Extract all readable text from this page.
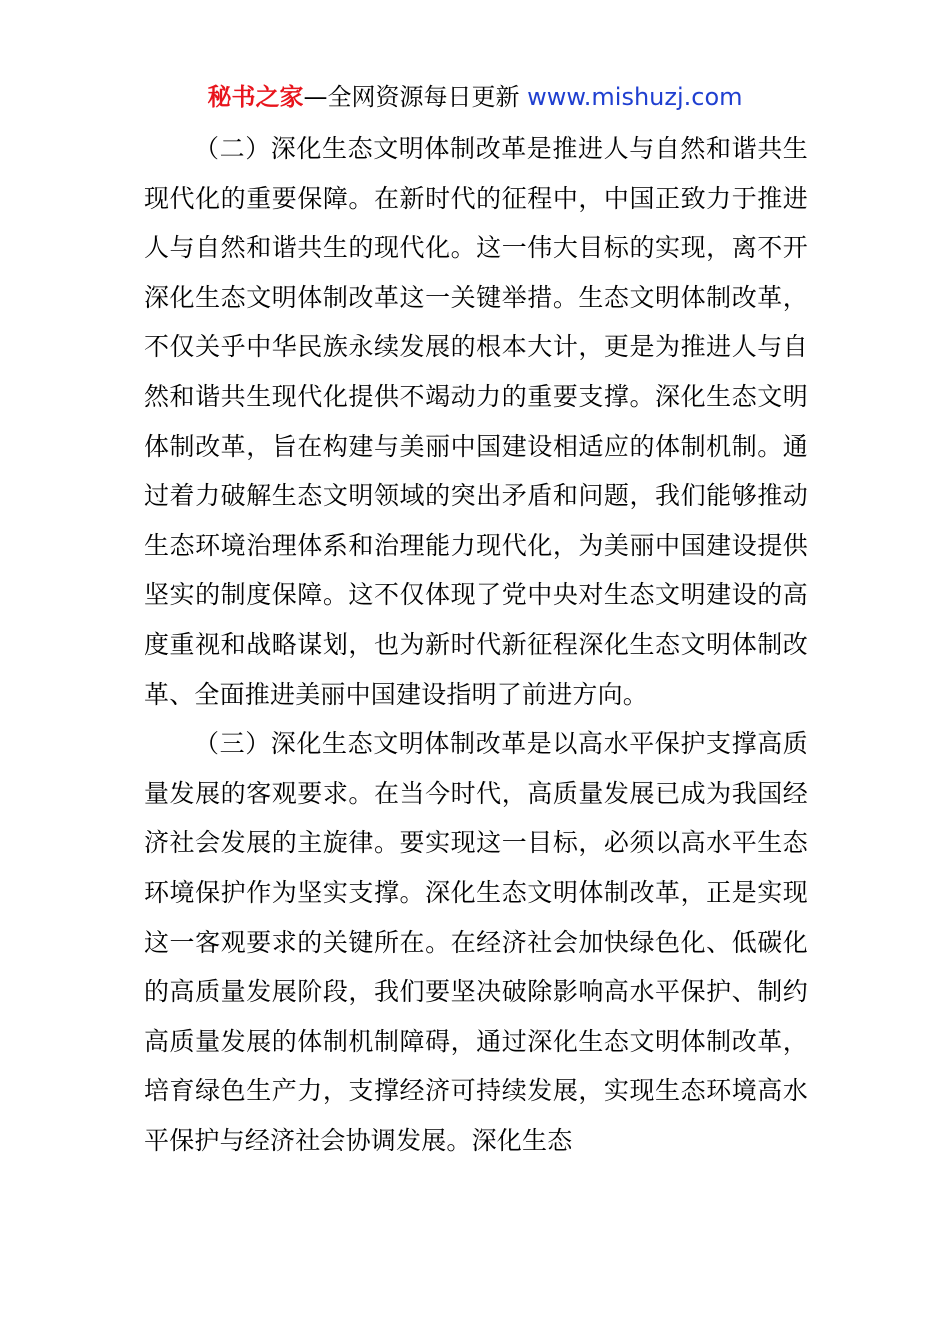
秘书之家—全网资源每日更新 www.mishuzj.com

（二）深化生态文明体制改革是推进人与自然和谐共生现代化的重要保障。在新时代的征程中，中国正致力于推进人与自然和谐共生的现代化。这一伟大目标的实现，离不开深化生态文明体制改革这一关键举措。生态文明体制改革，不仅关乎中华民族永续发展的根本大计，更是为推进人与自然和谐共生现代化提供不竭动力的重要支撑。深化生态文明体制改革，旨在构建与美丽中国建设相适应的体制机制。通过着力破解生态文明领域的突出矛盾和问题，我们能够推动生态环境治理体系和治理能力现代化，为美丽中国建设提供坚实的制度保障。这不仅体现了党中央对生态文明建设的高度重视和战略谋划，也为新时代新征程深化生态文明体制改革、全面推进美丽中国建设指明了前进方向。

（三）深化生态文明体制改革是以高水平保护支撑高质量发展的客观要求。在当今时代，高质量发展已成为我国经济社会发展的主旋律。要实现这一目标，必须以高水平生态环境保护作为坚实支撑。深化生态文明体制改革，正是实现这一客观要求的关键所在。在经济社会加快绿色化、低碳化的高质量发展阶段，我们要坚决破除影响高水平保护、制约高质量发展的体制机制障碍，通过深化生态文明体制改革，培育绿色生产力，支撑经济可持续发展，实现生态环境高水平保护与经济社会协调发展。深化生态
